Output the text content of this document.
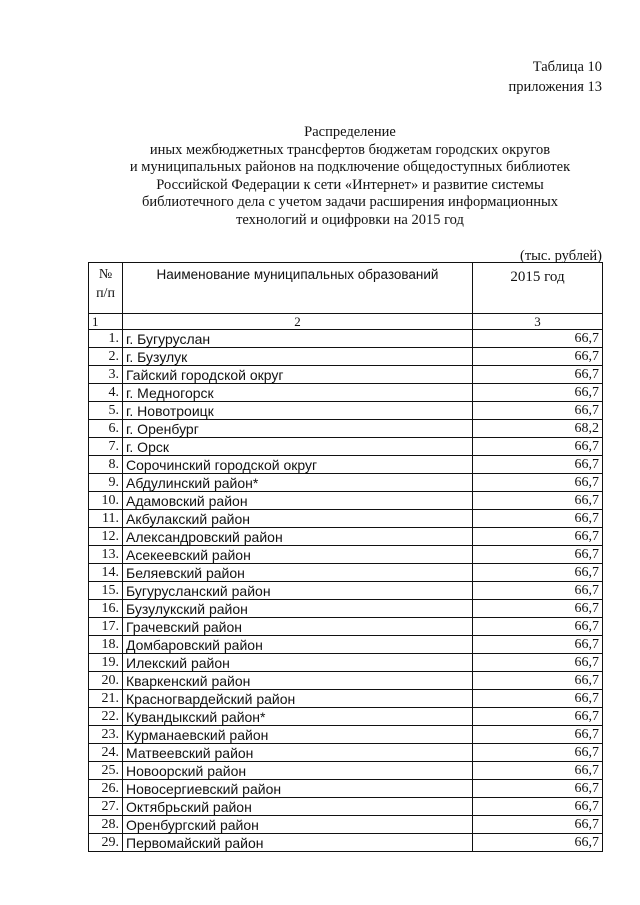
Таблица 10
приложения 13
Распределение
иных межбюджетных трансфертов бюджетам городских округов
и муниципальных районов на подключение общедоступных библиотек
Российской Федерации к сети «Интернет» и развитие системы
библиотечного дела с учетом задачи расширения информационных
технологий и оцифровки на 2015 год
(тыс. рублей)
№
п/п	Наименование муниципальных образований	2015 год
1	2	3
1.	г. Бугуруслан	66,7
2.	г. Бузулук	66,7
3.	Гайский городской округ	66,7
4.	г. Медногорск	66,7
5.	г. Новотроицк	66,7
6.	г. Оренбург	68,2
7.	г. Орск	66,7
8.	Сорочинский городской округ	66,7
9.	Абдулинский район*	66,7
10.	Адамовский район	66,7
11.	Акбулакский район	66,7
12.	Александровский район	66,7
13.	Асекеевский район	66,7
14.	Беляевский район	66,7
15.	Бугурусланский район	66,7
16.	Бузулукский район	66,7
17.	Грачевский район	66,7
18.	Домбаровский район	66,7
19.	Илекский район	66,7
20.	Кваркенский район	66,7
21.	Красногвардейский район	66,7
22.	Кувандыкский район*	66,7
23.	Курманаевский район	66,7
24.	Матвеевский район	66,7
25.	Новоорский район	66,7
26.	Новосергиевский район	66,7
27.	Октябрьский район	66,7
28.	Оренбургский район	66,7
29.	Первомайский район	66,7
